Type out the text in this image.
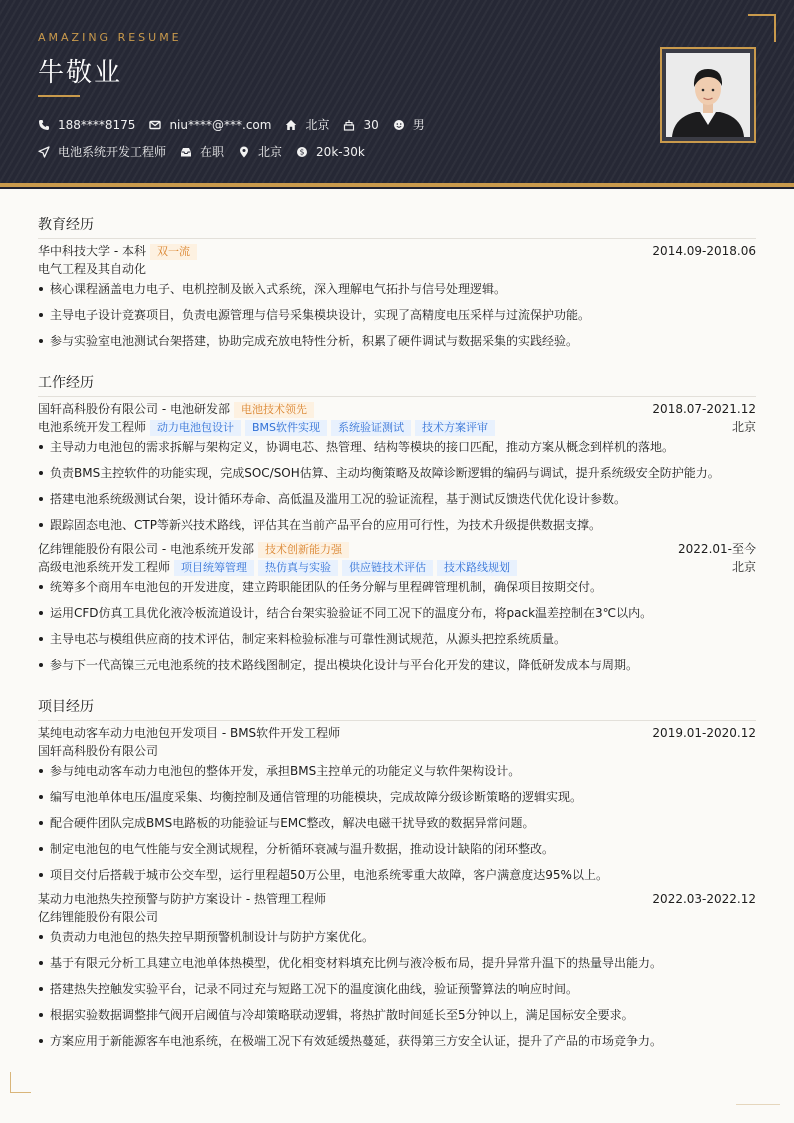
AMAZING RESUME
牛敬业
188****8175	niu****@***.com	北京	30	男
电池系统开发工程师	在职	北京 $ 20k-30k
教育经历
华中科技大学 - 本科 双一流	2014.09-2018.06
电气工程及其自动化
核心课程涵盖电力电子、电机控制及嵌入式系统，深入理解电气拓扑与信号处理逻辑。
主导电子设计竞赛项目，负责电源管理与信号采集模块设计，实现了高精度电压采样与过流保护功能。
参与实验室电池测试台架搭建，协助完成充放电特性分析，积累了硬件调试与数据采集的实践经验。
工作经历
国轩高科股份有限公司 - 电池研发部 电池技术领先	2018.07-2021.12
电池系统开发工程师 动力电池包设计 BMS软件实现 系统验证测试 技术方案评审	北京
主导动力电池包的需求拆解与架构定义，协调电芯、热管理、结构等模块的接口匹配，推动方案从概念到样机的落地。
负责BMS主控软件的功能实现，完成SOC/SOH估算、主动均衡策略及故障诊断逻辑的编码与调试，提升系统级安全防护能力。
搭建电池系统级测试台架，设计循环寿命、高低温及滥用工况的验证流程，基于测试反馈迭代优化设计参数。
跟踪固态电池、CTP等新兴技术路线，评估其在当前产品平台的应用可行性，为技术升级提供数据支撑。
亿纬锂能股份有限公司 - 电池系统开发部 技术创新能力强	2022.01-至今
高级电池系统开发工程师 项目统筹管理 热仿真与实验 供应链技术评估 技术路线规划	北京
统筹多个商用车电池包的开发进度，建立跨职能团队的任务分解与里程碑管理机制，确保项目按期交付。
运用CFD仿真工具优化液冷板流道设计，结合台架实验验证不同工况下的温度分布，将pack温差控制在3℃以内。
主导电芯与模组供应商的技术评估，制定来料检验标准与可靠性测试规范，从源头把控系统质量。
参与下一代高镍三元电池系统的技术路线图制定，提出模块化设计与平台化开发的建议，降低研发成本与周期。
项目经历
某纯电动客车动力电池包开发项目 - BMS软件开发工程师	2019.01-2020.12
国轩高科股份有限公司
参与纯电动客车动力电池包的整体开发，承担BMS主控单元的功能定义与软件架构设计。
编写电池单体电压/温度采集、均衡控制及通信管理的功能模块，完成故障分级诊断策略的逻辑实现。
配合硬件团队完成BMS电路板的功能验证与EMC整改，解决电磁干扰导致的数据异常问题。
制定电池包的电气性能与安全测试规程，分析循环衰减与温升数据，推动设计缺陷的闭环整改。
项目交付后搭载于城市公交车型，运行里程超50万公里，电池系统零重大故障，客户满意度达95%以上。
某动力电池热失控预警与防护方案设计 - 热管理工程师	2022.03-2022.12
亿纬锂能股份有限公司
负责动力电池包的热失控早期预警机制设计与防护方案优化。
基于有限元分析工具建立电池单体热模型，优化相变材料填充比例与液冷板布局，提升异常升温下的热量导出能力。
搭建热失控触发实验平台，记录不同过充与短路工况下的温度演化曲线，验证预警算法的响应时间。
根据实验数据调整排气阀开启阈值与冷却策略联动逻辑，将热扩散时间延长至5分钟以上，满足国标安全要求。
方案应用于新能源客车电池系统，在极端工况下有效延缓热蔓延，获得第三方安全认证，提升了产品的市场竞争力。
